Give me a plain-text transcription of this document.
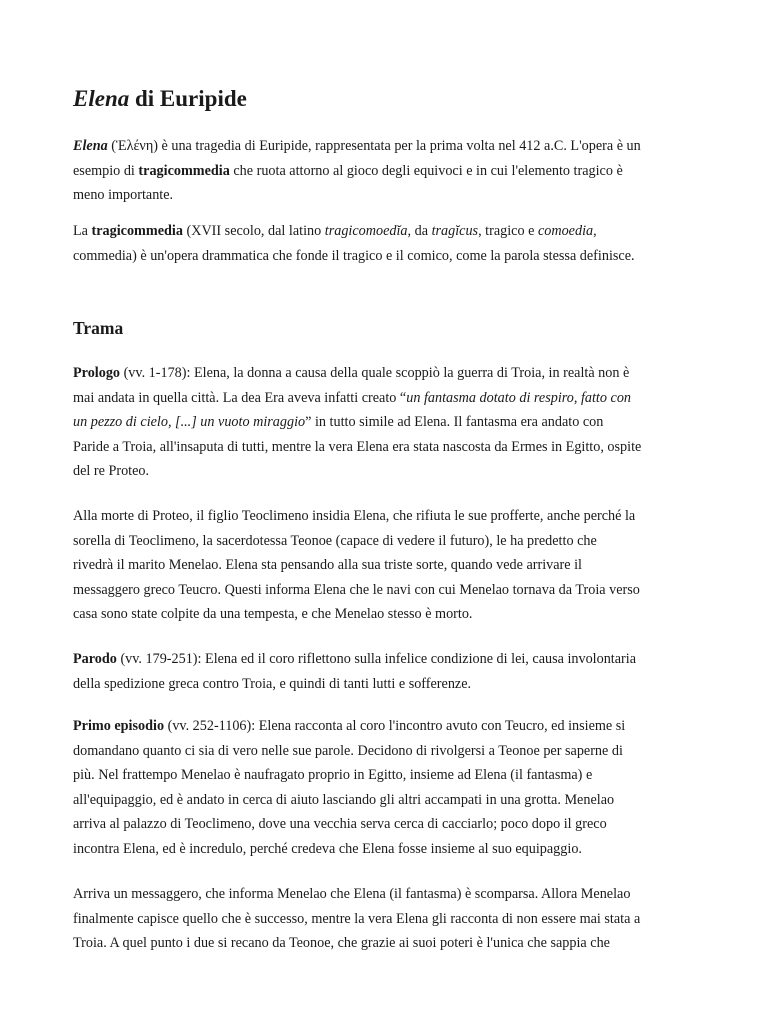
Elena di Euripide

Elena (Ἑλένη) è una tragedia di Euripide, rappresentata per la prima volta nel 412 a.C. L'opera è un
esempio di tragicommedia che ruota attorno al gioco degli equivoci e in cui l'elemento tragico è
meno importante.

La tragicommedia (XVII secolo, dal latino tragicomoedĭa, da tragĭcus, tragico e comoedia,
commedia) è un'opera drammatica che fonde il tragico e il comico, come la parola stessa definisce.

Trama

Prologo (vv. 1-178): Elena, la donna a causa della quale scoppiò la guerra di Troia, in realtà non è
mai andata in quella città. La dea Era aveva infatti creato “un fantasma dotato di respiro, fatto con
un pezzo di cielo, [...] un vuoto miraggio” in tutto simile ad Elena. Il fantasma era andato con
Paride a Troia, all'insaputa di tutti, mentre la vera Elena era stata nascosta da Ermes in Egitto, ospite
del re Proteo.

Alla morte di Proteo, il figlio Teoclimeno insidia Elena, che rifiuta le sue profferte, anche perché la
sorella di Teoclimeno, la sacerdotessa Teonoe (capace di vedere il futuro), le ha predetto che
rivedrà il marito Menelao. Elena sta pensando alla sua triste sorte, quando vede arrivare il
messaggero greco Teucro. Questi informa Elena che le navi con cui Menelao tornava da Troia verso
casa sono state colpite da una tempesta, e che Menelao stesso è morto.

Parodo (vv. 179-251): Elena ed il coro riflettono sulla infelice condizione di lei, causa involontaria
della spedizione greca contro Troia, e quindi di tanti lutti e sofferenze.

Primo episodio (vv. 252-1106): Elena racconta al coro l'incontro avuto con Teucro, ed insieme si
domandano quanto ci sia di vero nelle sue parole. Decidono di rivolgersi a Teonoe per saperne di
più. Nel frattempo Menelao è naufragato proprio in Egitto, insieme ad Elena (il fantasma) e
all'equipaggio, ed è andato in cerca di aiuto lasciando gli altri accampati in una grotta. Menelao
arriva al palazzo di Teoclimeno, dove una vecchia serva cerca di cacciarlo; poco dopo il greco
incontra Elena, ed è incredulo, perché credeva che Elena fosse insieme al suo equipaggio.

Arriva un messaggero, che informa Menelao che Elena (il fantasma) è scomparsa. Allora Menelao
finalmente capisce quello che è successo, mentre la vera Elena gli racconta di non essere mai stata a
Troia. A quel punto i due si recano da Teonoe, che grazie ai suoi poteri è l'unica che sappia che
